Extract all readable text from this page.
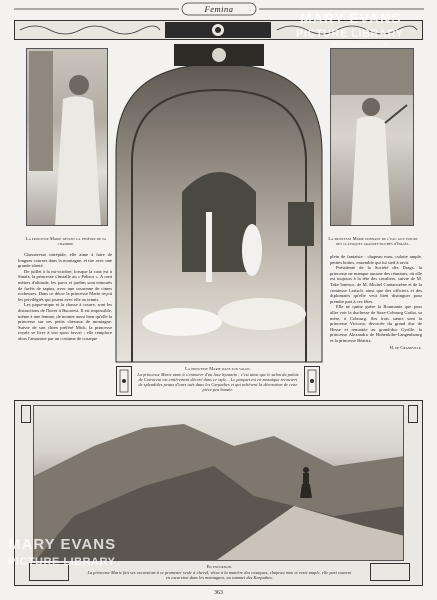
Femina
La princesse Marie devant la fenêtre de sa chambre.
La princesse Marie donnant de l'eau aux fleurs des classiques grandes-duchés d'Israël.

Chasseresse intrépide, elle aime à faire de longues courses dans la montagne, et tire avec une grande sûreté.

De juillet à la mi-octobre, lorsque la cour est à Sinaïa, la princesse s'installe au « Pelisor ». A cent mètres d'altitude, les parcs et jardins sont entourés de forêts de sapins, avec une couronne de cimes rocheuses. Dans ce décor la princesse Marie reçoit les privilégiés qui jouent avec elle au tennis.

Les pique-nique et la chasse à courre, sont les distractions de l'hiver à Bucarest. Il est impossible, même à une femme, de monter aussi bien qu'elle la princesse sur ses petits chevaux de montagne. Suivie de son chien préféré Mick, la princesse royale se livre à son sport favori ; elle remplace alors l'amazone par un costume de cosaque

plein de fantaisie : chapeau mou, culotte ample, petites bottes, ensemble qui lui sied à ravir.

Présidente de la Société des Drags, la princesse ne manque aucune des réunions, où elle est toujours à la tête des cavaliers, suivie de M. Take Ionesco, de M. Michel Cantacuzène et de la comtesse Larisch, ainsi que des officiers et des diplomates qu'elle veut bien distinguer pour prendre part à ces fêtes.

Elle ne quitte guère la Roumanie que pour aller voir la duchesse de Saxe-Cobourg Gotha, sa mère, à Cobourg. Ses trois sœurs sont la princesse Victoria, divorcée du grand duc de Hesse et remariée au grand-duc Cyrille, la princesse Alexandra de Hohenlohe-Langenbourg et la princesse Béatrix.

H. de Grandville.
La princesse Marie dans son salon.
La princesse Marie aime à s'entourer d'un luxe byzantin : c'est ainsi que le salon du palais de Cotroceni est entièrement décoré dans ce style... Le parquet est en mosaïque recouvert de splendides peaux d'ours tués dans les Carpathes et qui achèvent la décoration de cette pièce peu banale.
En excursion.
La princesse Marie fait ses excursions à se promener seule à cheval, vêtue à la manière des cosaques, chapeau mou et veste ample, elle part souvent en excursion dans les montagnes, au sommet des Karpathes.
363
MARY EVANS
PICTURE LIBRARY
www.maryevans.com
MARY EVANS
PICTURE LIBRARY
